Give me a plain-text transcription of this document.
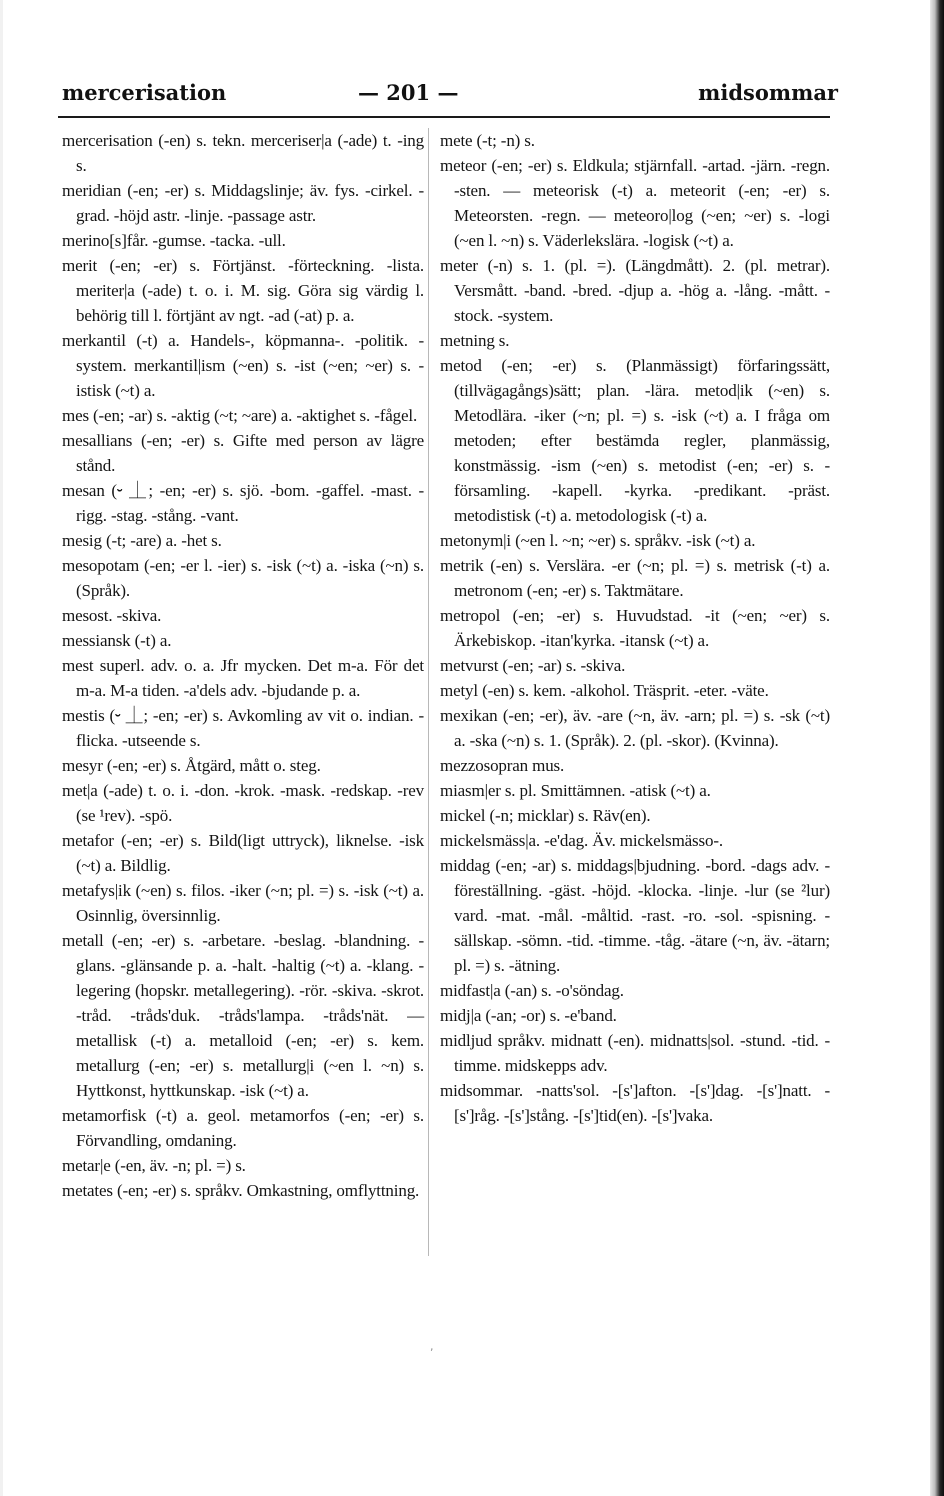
mercerisation	— 201 —	midsommar

mercerisation (-en) s. tekn. merceriser|a (-ade) t. -ing s.

meridian (-en; -er) s. Middagslinje; äv. fys. -cirkel. -grad. -höjd astr. -linje. -passage astr.

merino[s]får. -gumse. -tacka. -ull.

merit (-en; -er) s. Förtjänst. -förteckning. -lista. meriter|a (-ade) t. o. i. M. sig. Göra sig värdig l. behörig till l. förtjänt av ngt. -ad (-at) p. a.

merkantil (-t) a. Handels-, köpmanna-. -politik. -system. merkantil|ism (~en) s. -ist (~en; ~er) s. -istisk (~t) a.

mes (-en; -ar) s. -aktig (~t; ~are) a. -aktighet s. -fågel.

mesallians (-en; -er) s. Gifte med person av lägre stånd.

mesan (⏑ ⏊; -en; -er) s. sjö. -bom. -gaffel. -mast. -rigg. -stag. -stång. -vant.

mesig (-t; -are) a. -het s.

mesopotam (-en; -er l. -ier) s. -isk (~t) a. -iska (~n) s. (Språk).

mesost. -skiva.

messiansk (-t) a.

mest superl. adv. o. a. Jfr mycken. Det m-a. För det m-a. M-a tiden. -a'dels adv. -bjudande p. a.

mestis (⏑ ⏊; -en; -er) s. Avkomling av vit o. indian. -flicka. -utseende s.

mesyr (-en; -er) s. Åtgärd, mått o. steg.

met|a (-ade) t. o. i. -don. -krok. -mask. -redskap. -rev (se ¹rev). -spö.

metafor (-en; -er) s. Bild(ligt uttryck), liknelse. -isk (~t) a. Bildlig.

metafys|ik (~en) s. filos. -iker (~n; pl. =) s. -isk (~t) a. Osinnlig, översinnlig.

metall (-en; -er) s. -arbetare. -beslag. -blandning. -glans. -glänsande p. a. -halt. -haltig (~t) a. -klang. -legering (hopskr. metallegering). -rör. -skiva. -skrot. -tråd. -tråds'duk. -tråds'lampa. -tråds'nät. — metallisk (-t) a. metalloid (-en; -er) s. kem. metallurg (-en; -er) s. metallurg|i (~en l. ~n) s. Hyttkonst, hyttkunskap. -isk (~t) a.

metamorfisk (-t) a. geol. metamorfos (-en; -er) s. Förvandling, omdaning.

metar|e (-en, äv. -n; pl. =) s.

metates (-en; -er) s. språkv. Omkastning, omflyttning.

mete (-t; -n) s.

meteor (-en; -er) s. Eldkula; stjärnfall. -artad. -järn. -regn. -sten. — meteorisk (-t) a. meteorit (-en; -er) s. Meteorsten. -regn. — meteoro|log (~en; ~er) s. -logi (~en l. ~n) s. Väderlekslära. -logisk (~t) a.

meter (-n) s. 1. (pl. =). (Längdmått). 2. (pl. metrar). Versmått. -band. -bred. -djup a. -hög a. -lång. -mått. -stock. -system.

metning s.

metod (-en; -er) s. (Planmässigt) förfaringssätt, (tillvägagångs)sätt; plan. -lära. metod|ik (~en) s. Metodlära. -iker (~n; pl. =) s. -isk (~t) a. I fråga om metoden; efter bestämda regler, planmässig, konstmässig. -ism (~en) s. metodist (-en; -er) s. -församling. -kapell. -kyrka. -predikant. -präst. metodistisk (-t) a. metodologisk (-t) a.

metonym|i (~en l. ~n; ~er) s. språkv. -isk (~t) a.

metrik (-en) s. Verslära. -er (~n; pl. =) s. metrisk (-t) a. metronom (-en; -er) s. Taktmätare.

metropol (-en; -er) s. Huvudstad. -it (~en; ~er) s. Ärkebiskop. -itan'kyrka. -itansk (~t) a.

metvurst (-en; -ar) s. -skiva.

metyl (-en) s. kem. -alkohol. Träsprit. -eter. -väte.

mexikan (-en; -er), äv. -are (~n, äv. -arn; pl. =) s. -sk (~t) a. -ska (~n) s. 1. (Språk). 2. (pl. -skor). (Kvinna).

mezzosopran mus.

miasm|er s. pl. Smittämnen. -atisk (~t) a.

mickel (-n; micklar) s. Räv(en).

mickelsmäss|a. -e'dag. Äv. mickelsmässo-.

middag (-en; -ar) s. middags|bjudning. -bord. -dags adv. -föreställning. -gäst. -höjd. -klocka. -linje. -lur (se ²lur) vard. -mat. -mål. -måltid. -rast. -ro. -sol. -spisning. -sällskap. -sömn. -tid. -timme. -tåg. -ätare (~n, äv. -ätarn; pl. =) s. -ätning.

midfast|a (-an) s. -o'söndag.

midj|a (-an; -or) s. -e'band.

midljud språkv. midnatt (-en). midnatts|sol. -stund. -tid. -timme. midskepps adv.

midsommar. -natts'sol. -[s']afton. -[s']dag. -[s']natt. -[s']råg. -[s']stång. -[s']tid(en). -[s']vaka.

,
